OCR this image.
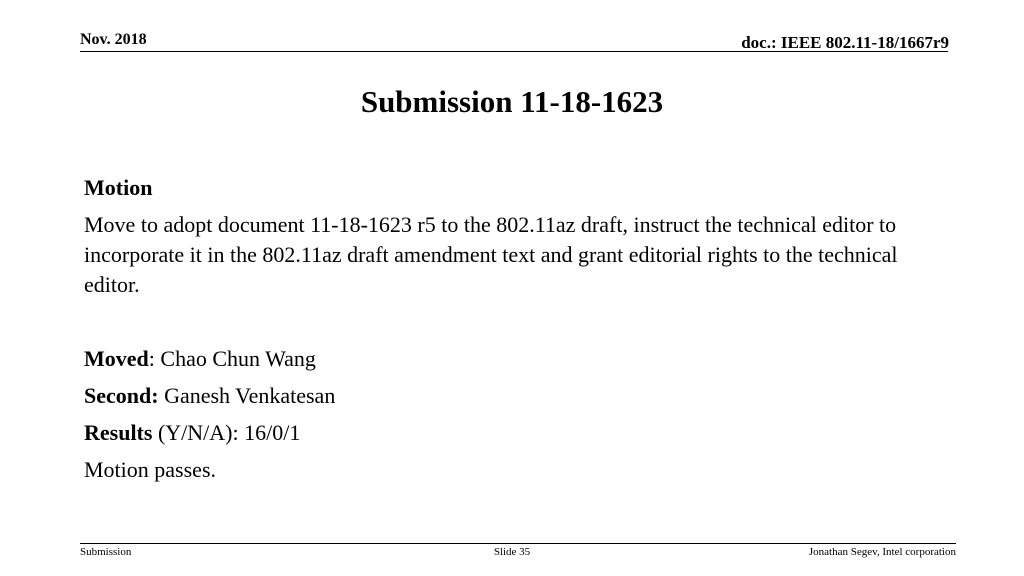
Nov. 2018	doc.: IEEE 802.11-18/1667r9
Submission 11-18-1623
Motion
Move to adopt document 11-18-1623 r5 to the 802.11az draft, instruct the technical editor to incorporate it in the 802.11az draft amendment text and grant editorial rights to the technical editor.
Moved: Chao Chun Wang
Second: Ganesh Venkatesan
Results (Y/N/A): 16/0/1
Motion passes.
Submission	Slide 35	Jonathan Segev, Intel corporation
